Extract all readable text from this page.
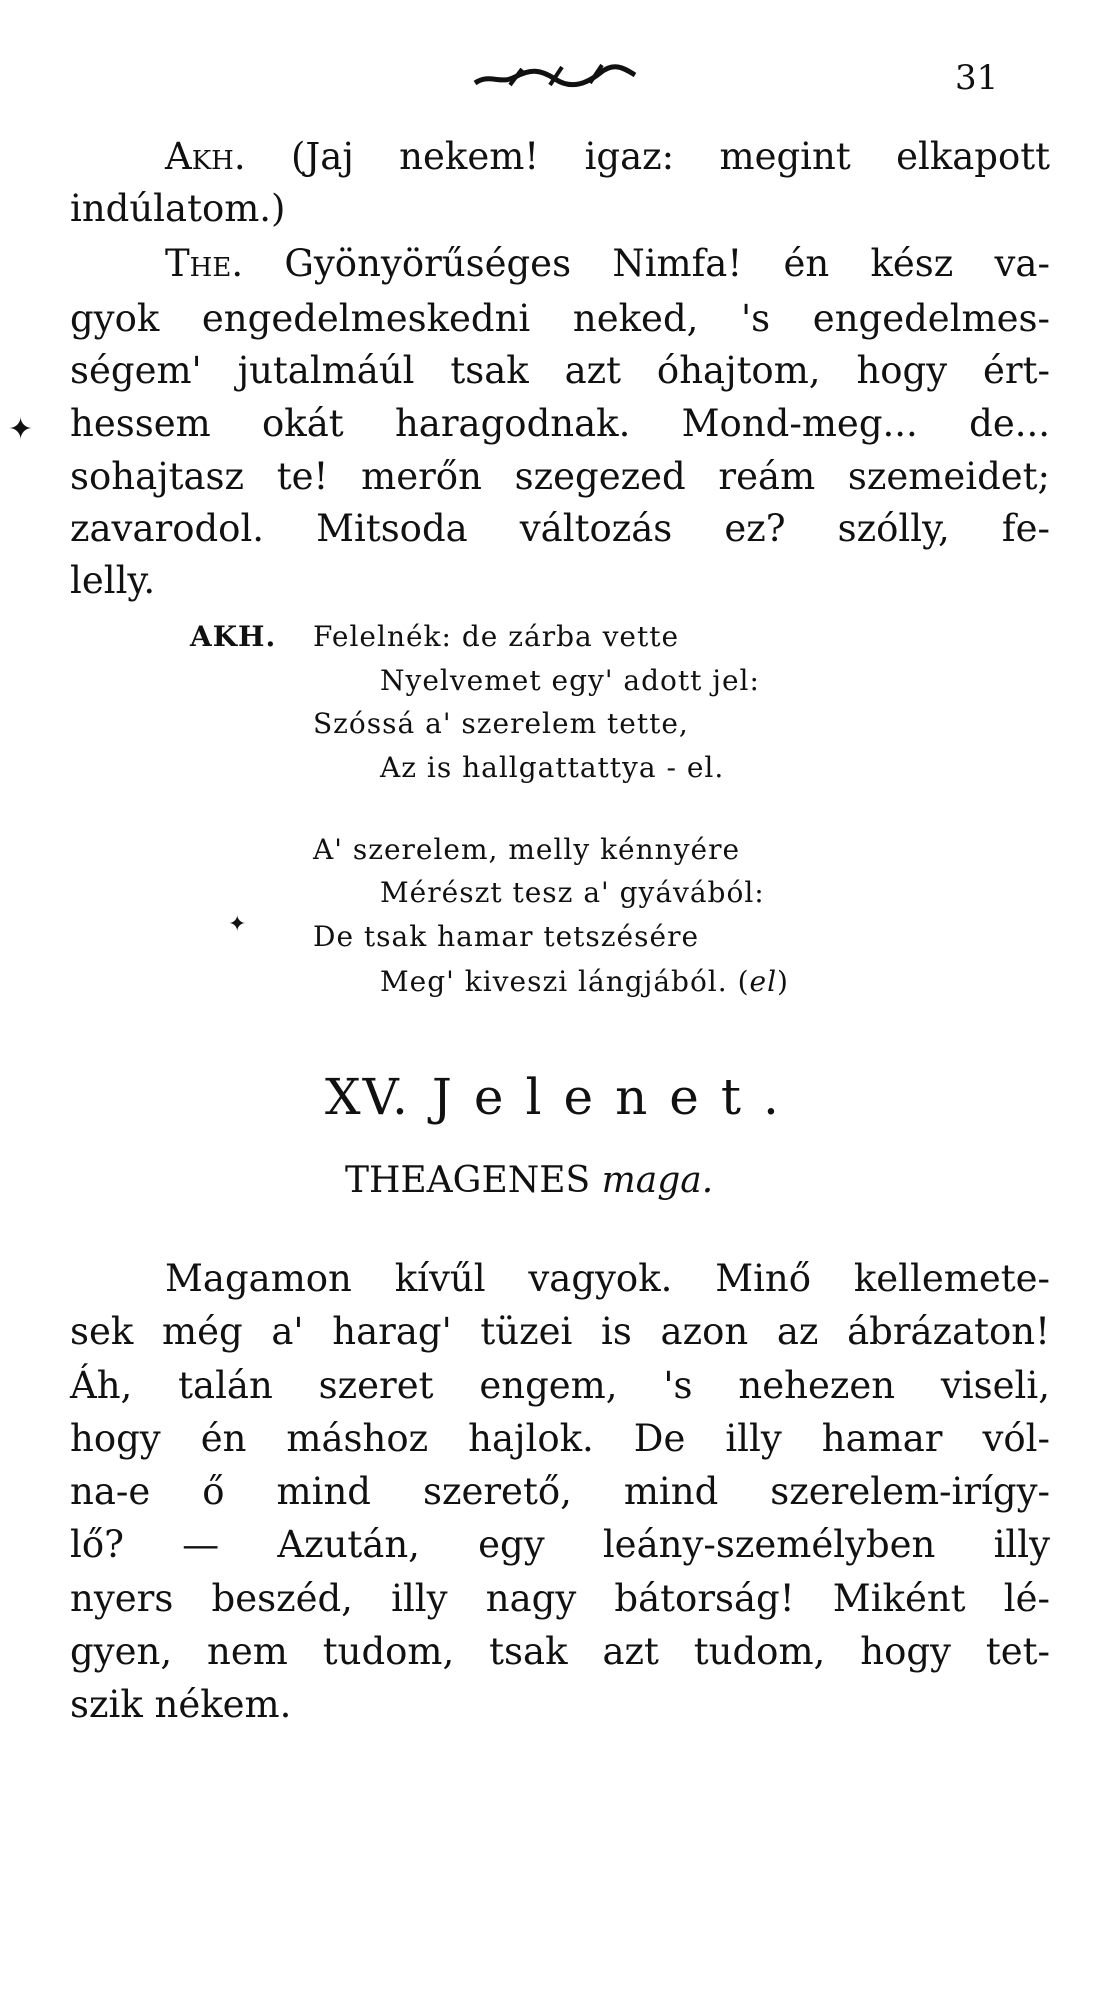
31
✦
✦
Akh. (Jaj nekem! igaz: megint elkapott
indúlatom.)
The. Gyönyörűséges Nimfa! én kész va-
gyok engedelmeskedni neked, 's engedelmes-
ségem' jutalmáúl tsak azt óhajtom, hogy ért-
hessem okát haragodnak. Mond-meg... de...
sohajtasz te! merőn szegezed reám szemeidet;
zavarodol. Mitsoda változás ez? szólly, fe-
lelly.
AKH. Felelnék: de zárba vette
Nyelvemet egy' adott jel:
Szóssá a' szerelem tette,
Az is hallgattattya - el.
A' szerelem, melly kénnyére
Mérészt tesz a' gyávából:
De tsak hamar tetszésére
Meg' kiveszi lángjából. (el)
XV. Jelenet.
THEAGENES maga.
Magamon kívűl vagyok. Minő kellemete-
sek még a' harag' tüzei is azon az ábrázaton!
Áh, talán szeret engem, 's nehezen viseli,
hogy én máshoz hajlok. De illy hamar vól-
na-e ő mind szerető, mind szerelem-irígy-
lő? — Azután, egy leány-személyben illy
nyers beszéd, illy nagy bátorság! Miként lé-
gyen, nem tudom, tsak azt tudom, hogy tet-
szik nékem.
